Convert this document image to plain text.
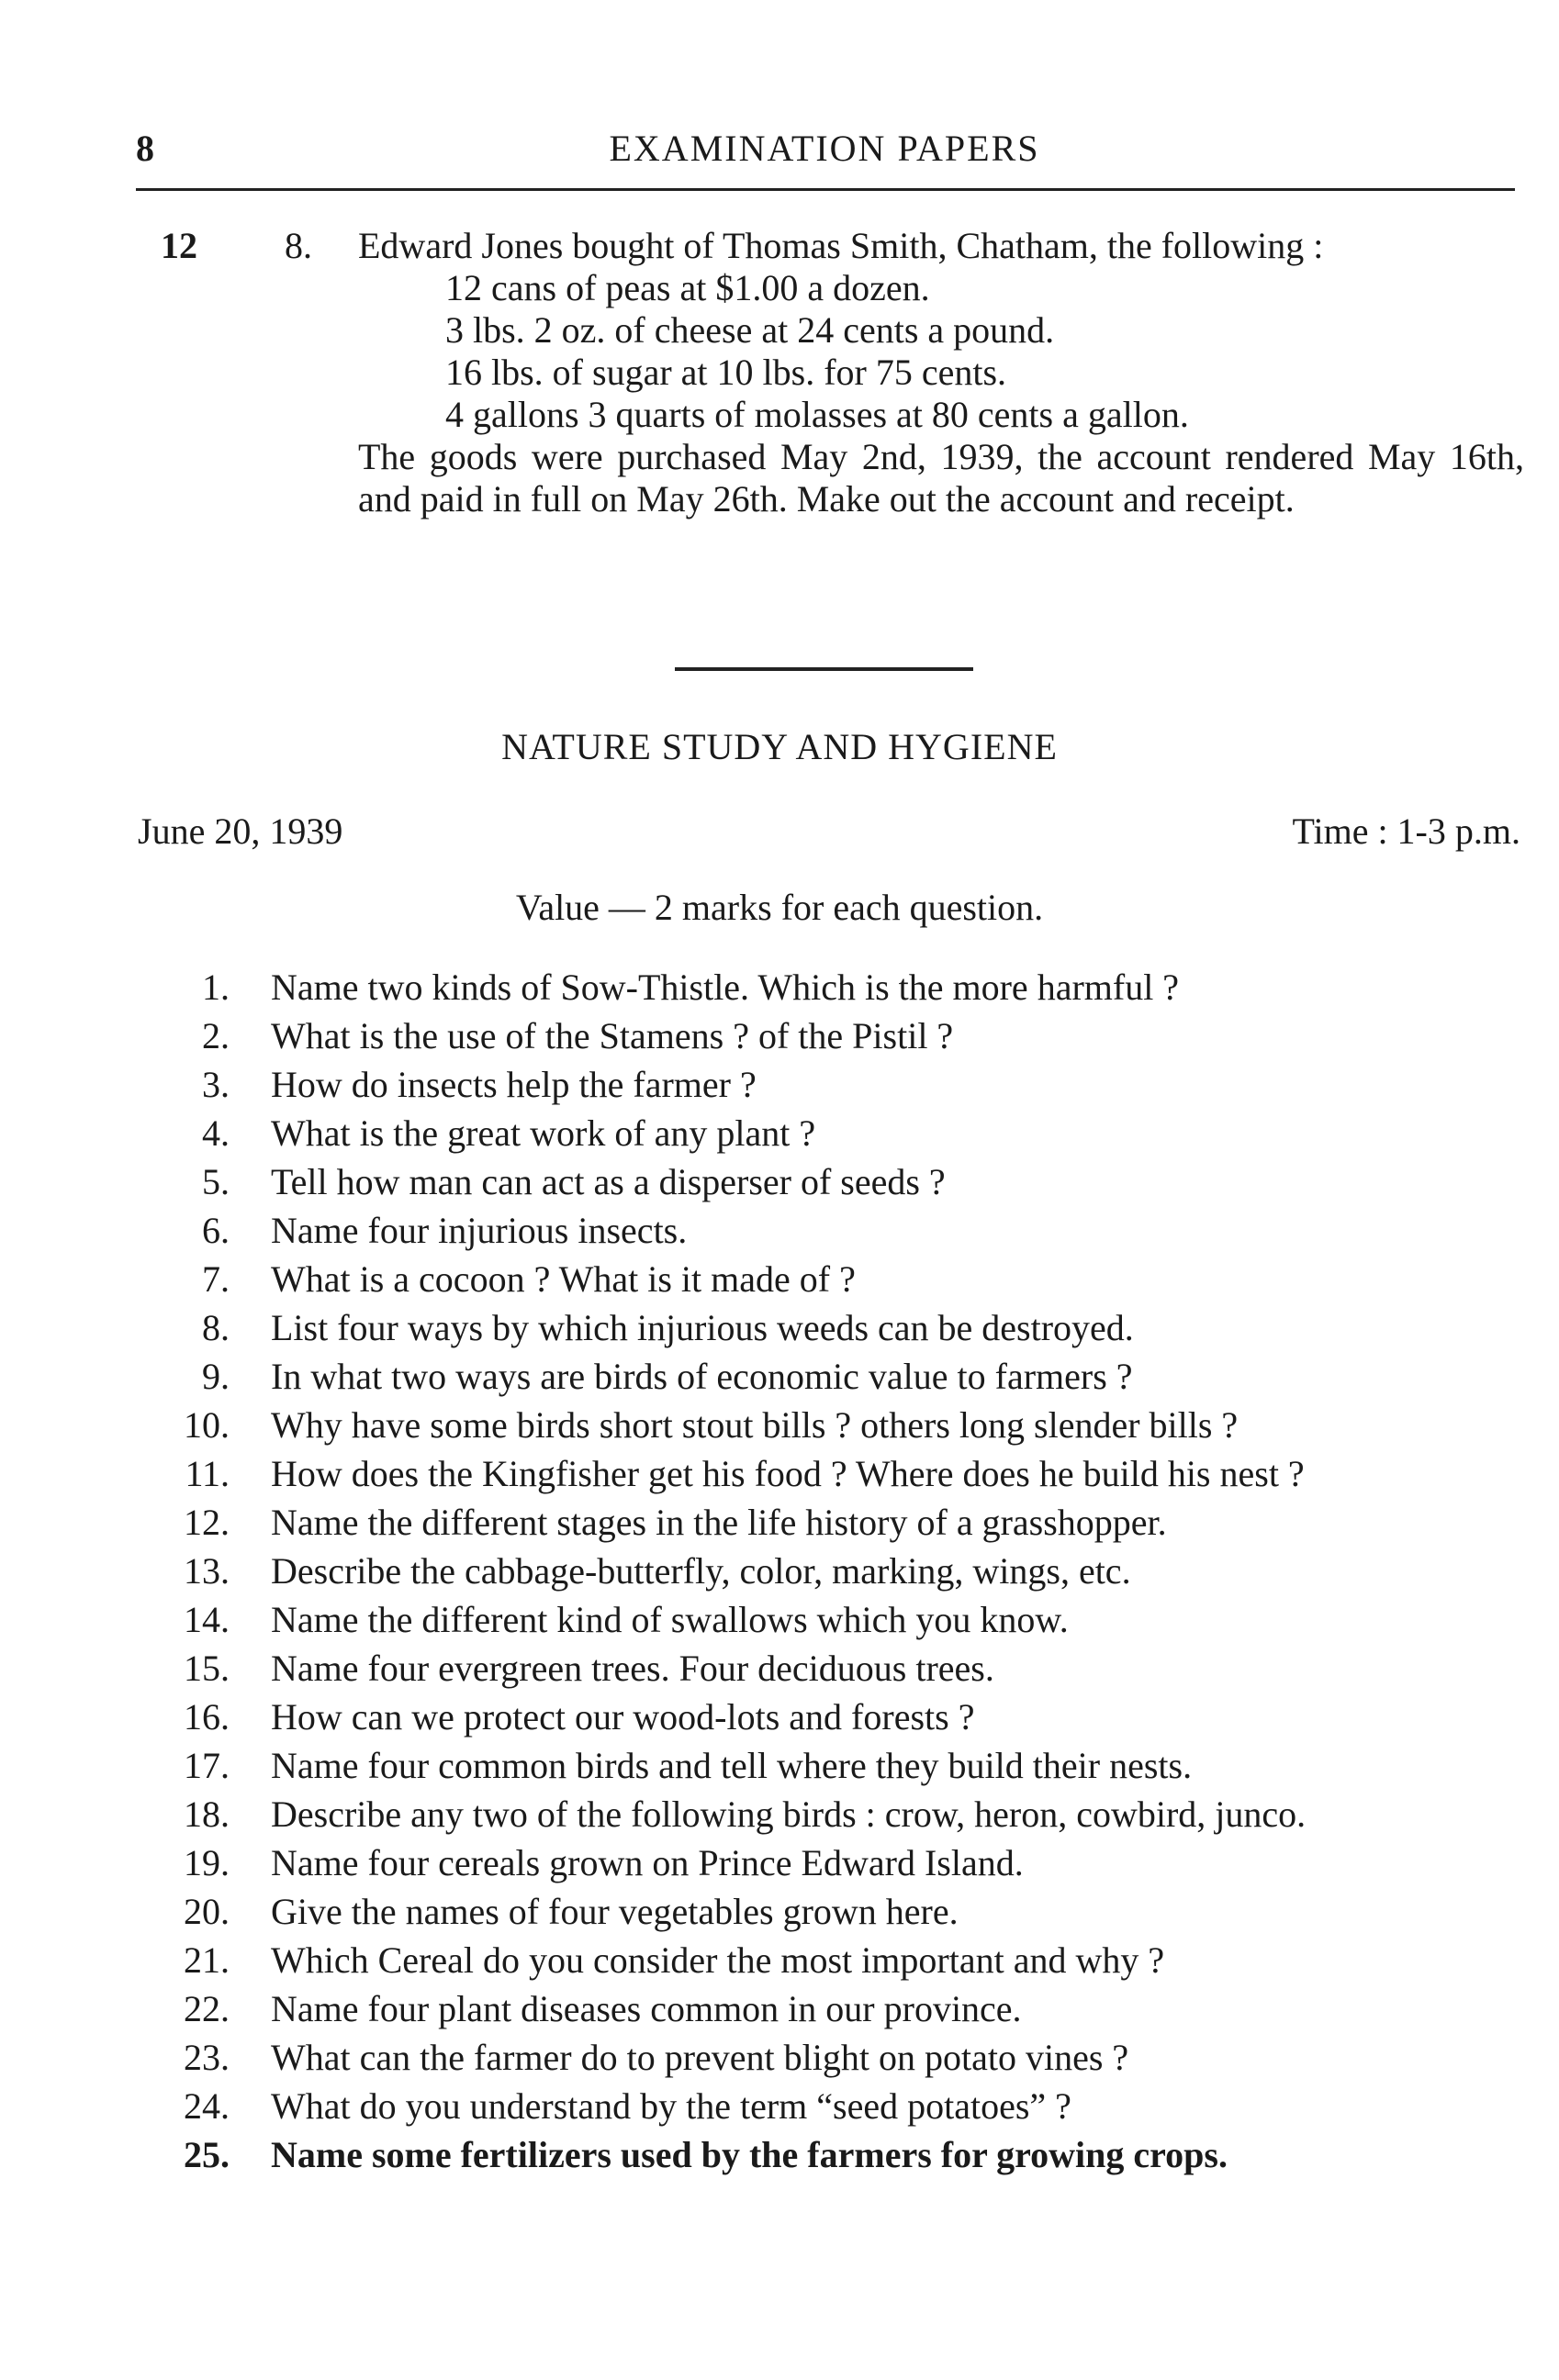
8	EXAMINATION PAPERS
12 8. Edward Jones bought of Thomas Smith, Chatham, the following :
12 cans of peas at $1.00 a dozen.
3 lbs. 2 oz. of cheese at 24 cents a pound.
16 lbs. of sugar at 10 lbs. for 75 cents.
4 gallons 3 quarts of molasses at 80 cents a gallon.
The goods were purchased May 2nd, 1939, the account rendered May 16th, and paid in full on May 26th. Make out the account and receipt.
NATURE STUDY AND HYGIENE
June 20, 1939	Time : 1-3 p.m.
Value — 2 marks for each question.
1. Name two kinds of Sow-Thistle. Which is the more harmful ?
2. What is the use of the Stamens ? of the Pistil ?
3. How do insects help the farmer ?
4. What is the great work of any plant ?
5. Tell how man can act as a disperser of seeds ?
6. Name four injurious insects.
7. What is a cocoon ? What is it made of ?
8. List four ways by which injurious weeds can be destroyed.
9. In what two ways are birds of economic value to farmers ?
10. Why have some birds short stout bills ? others long slender bills ?
11. How does the Kingfisher get his food ? Where does he build his nest ?
12. Name the different stages in the life history of a grasshopper.
13. Describe the cabbage-butterfly, color, marking, wings, etc.
14. Name the different kind of swallows which you know.
15. Name four evergreen trees. Four deciduous trees.
16. How can we protect our wood-lots and forests ?
17. Name four common birds and tell where they build their nests.
18. Describe any two of the following birds : crow, heron, cowbird, junco.
19. Name four cereals grown on Prince Edward Island.
20. Give the names of four vegetables grown here.
21. Which Cereal do you consider the most important and why ?
22. Name four plant diseases common in our province.
23. What can the farmer do to prevent blight on potato vines ?
24. What do you understand by the term “seed potatoes” ?
25. Name some fertilizers used by the farmers for growing crops.
